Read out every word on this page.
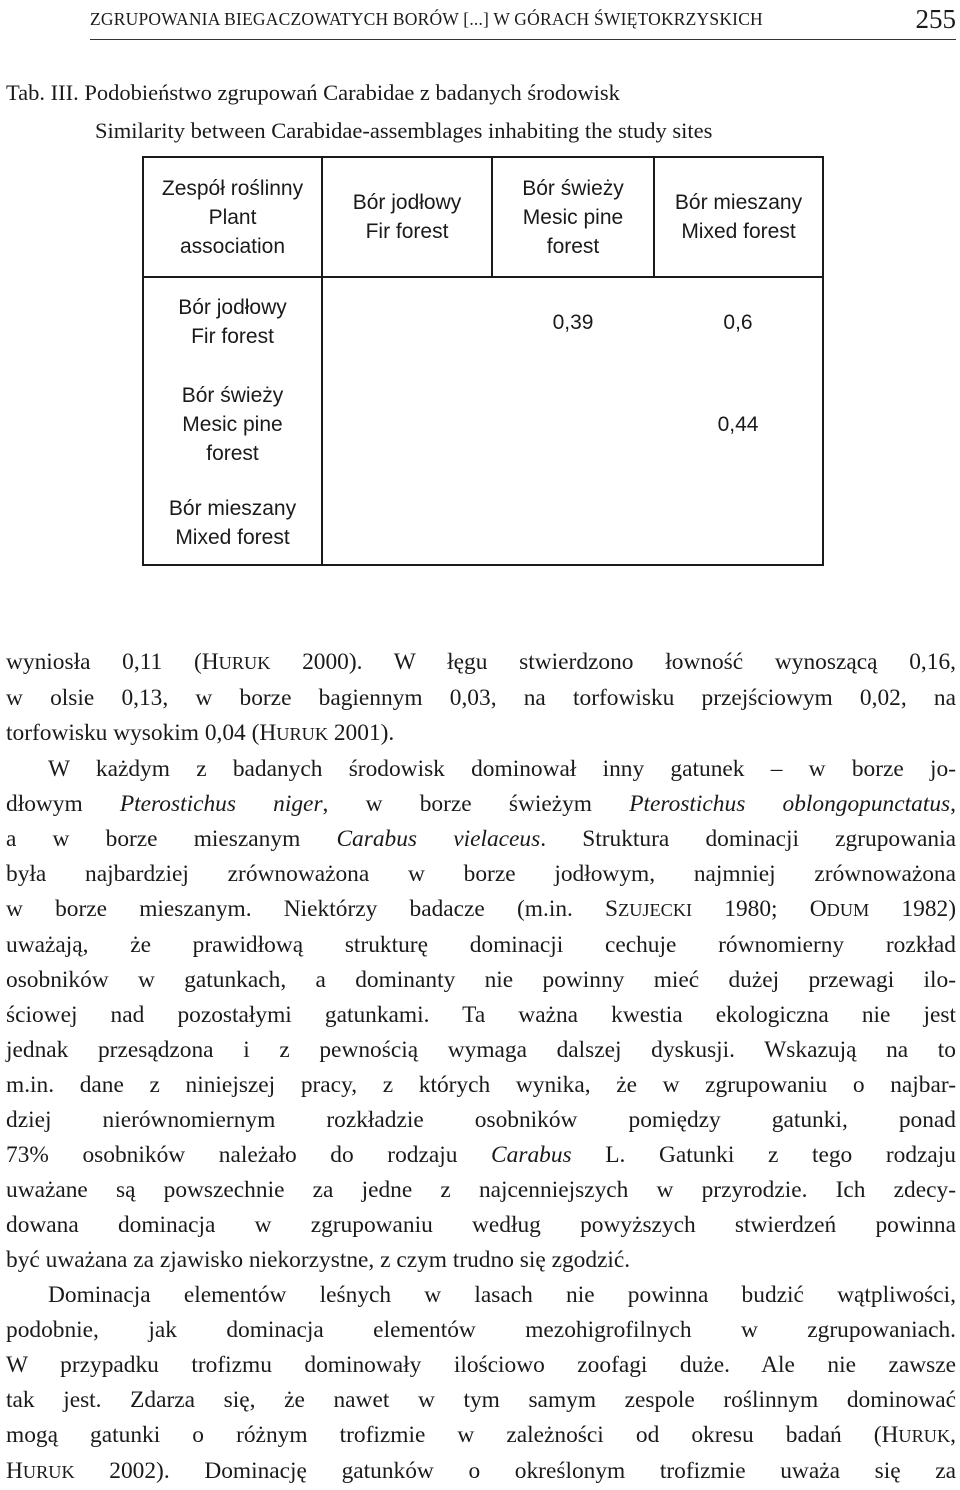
ZGRUPOWANIA BIEGACZOWATYCH BORÓW [...] W GÓRACH ŚWIĘTOKRZYSKICH	255
Tab. III. Podobieństwo zgrupowań Carabidae z badanych środowisk
Similarity between Carabidae-assemblages inhabiting the study sites
Zespół roślinny
Plant
association	Bór jodłowy
Fir forest	Bór świeży
Mesic pine
forest	Bór mieszany
Mixed forest

Bór jodłowy
Fir forest		0,39	0,6

Bór świeży
Mesic pine
forest			0,44

Bór mieszany
Mixed forest			

wyniosła 0,11 (HURUK 2000). W łęgu stwierdzono łowność wynoszącą 0,16,
w olsie 0,13, w borze bagiennym 0,03, na torfowisku przejściowym 0,02, na
torfowisku wysokim 0,04 (HURUK 2001).
W każdym z badanych środowisk dominował inny gatunek – w borze jo-
dłowym Pterostichus niger, w borze świeżym Pterostichus oblongopunctatus,
a w borze mieszanym Carabus vielaceus. Struktura dominacji zgrupowania
była najbardziej zrównoważona w borze jodłowym, najmniej zrównoważona
w borze mieszanym. Niektórzy badacze (m.in. SZUJECKI 1980; ODUM 1982)
uważają, że prawidłową strukturę dominacji cechuje równomierny rozkład
osobników w gatunkach, a dominanty nie powinny mieć dużej przewagi ilo-
ściowej nad pozostałymi gatunkami. Ta ważna kwestia ekologiczna nie jest
jednak przesądzona i z pewnością wymaga dalszej dyskusji. Wskazują na to
m.in. dane z niniejszej pracy, z których wynika, że w zgrupowaniu o najbar-
dziej nierównomiernym rozkładzie osobników pomiędzy gatunki, ponad
73% osobników należało do rodzaju Carabus L. Gatunki z tego rodzaju
uważane są powszechnie za jedne z najcenniejszych w przyrodzie. Ich zdecy-
dowana dominacja w zgrupowaniu według powyższych stwierdzeń powinna
być uważana za zjawisko niekorzystne, z czym trudno się zgodzić.
Dominacja elementów leśnych w lasach nie powinna budzić wątpliwości,
podobnie, jak dominacja elementów mezohigrofilnych w zgrupowaniach.
W przypadku trofizmu dominowały ilościowo zoofagi duże. Ale nie zawsze
tak jest. Zdarza się, że nawet w tym samym zespole roślinnym dominować
mogą gatunki o różnym trofizmie w zależności od okresu badań (HURUK,
HURUK 2002). Dominację gatunków o określonym trofizmie uważa się za
